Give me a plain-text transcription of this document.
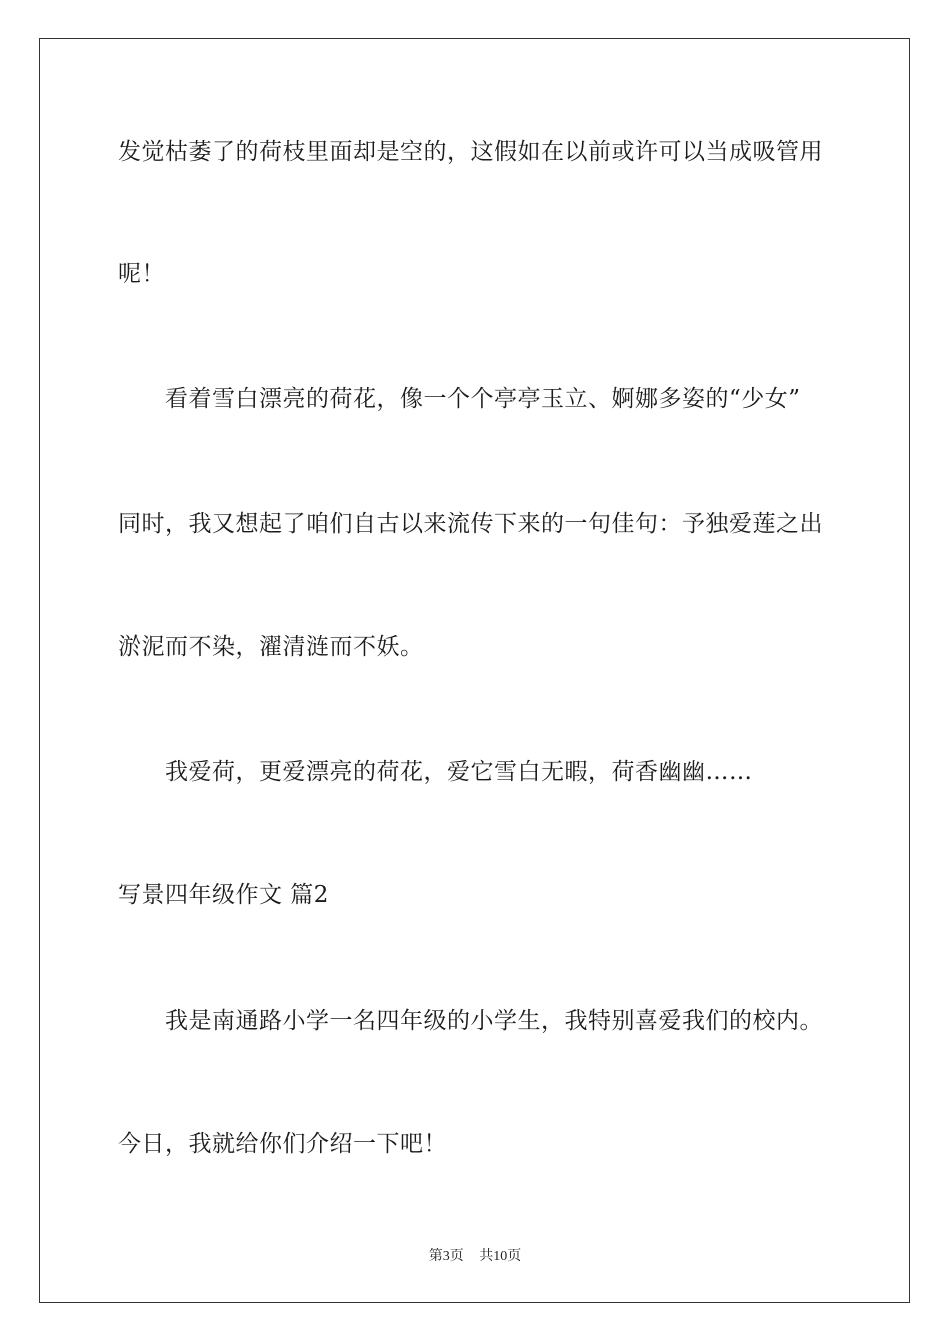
发觉枯萎了的荷枝里面却是空的，这假如在以前或许可以当成吸管用
呢！
看着雪白漂亮的荷花，像一个个亭亭玉立、婀娜多姿的“少女”
同时，我又想起了咱们自古以来流传下来的一句佳句：予独爱莲之出
淤泥而不染，濯清涟而不妖。
我爱荷，更爱漂亮的荷花，爱它雪白无暇，荷香幽幽……
写景四年级作文 篇2
我是南通路小学一名四年级的小学生，我特别喜爱我们的校内。
今日，我就给你们介绍一下吧！
第3页 共10页
